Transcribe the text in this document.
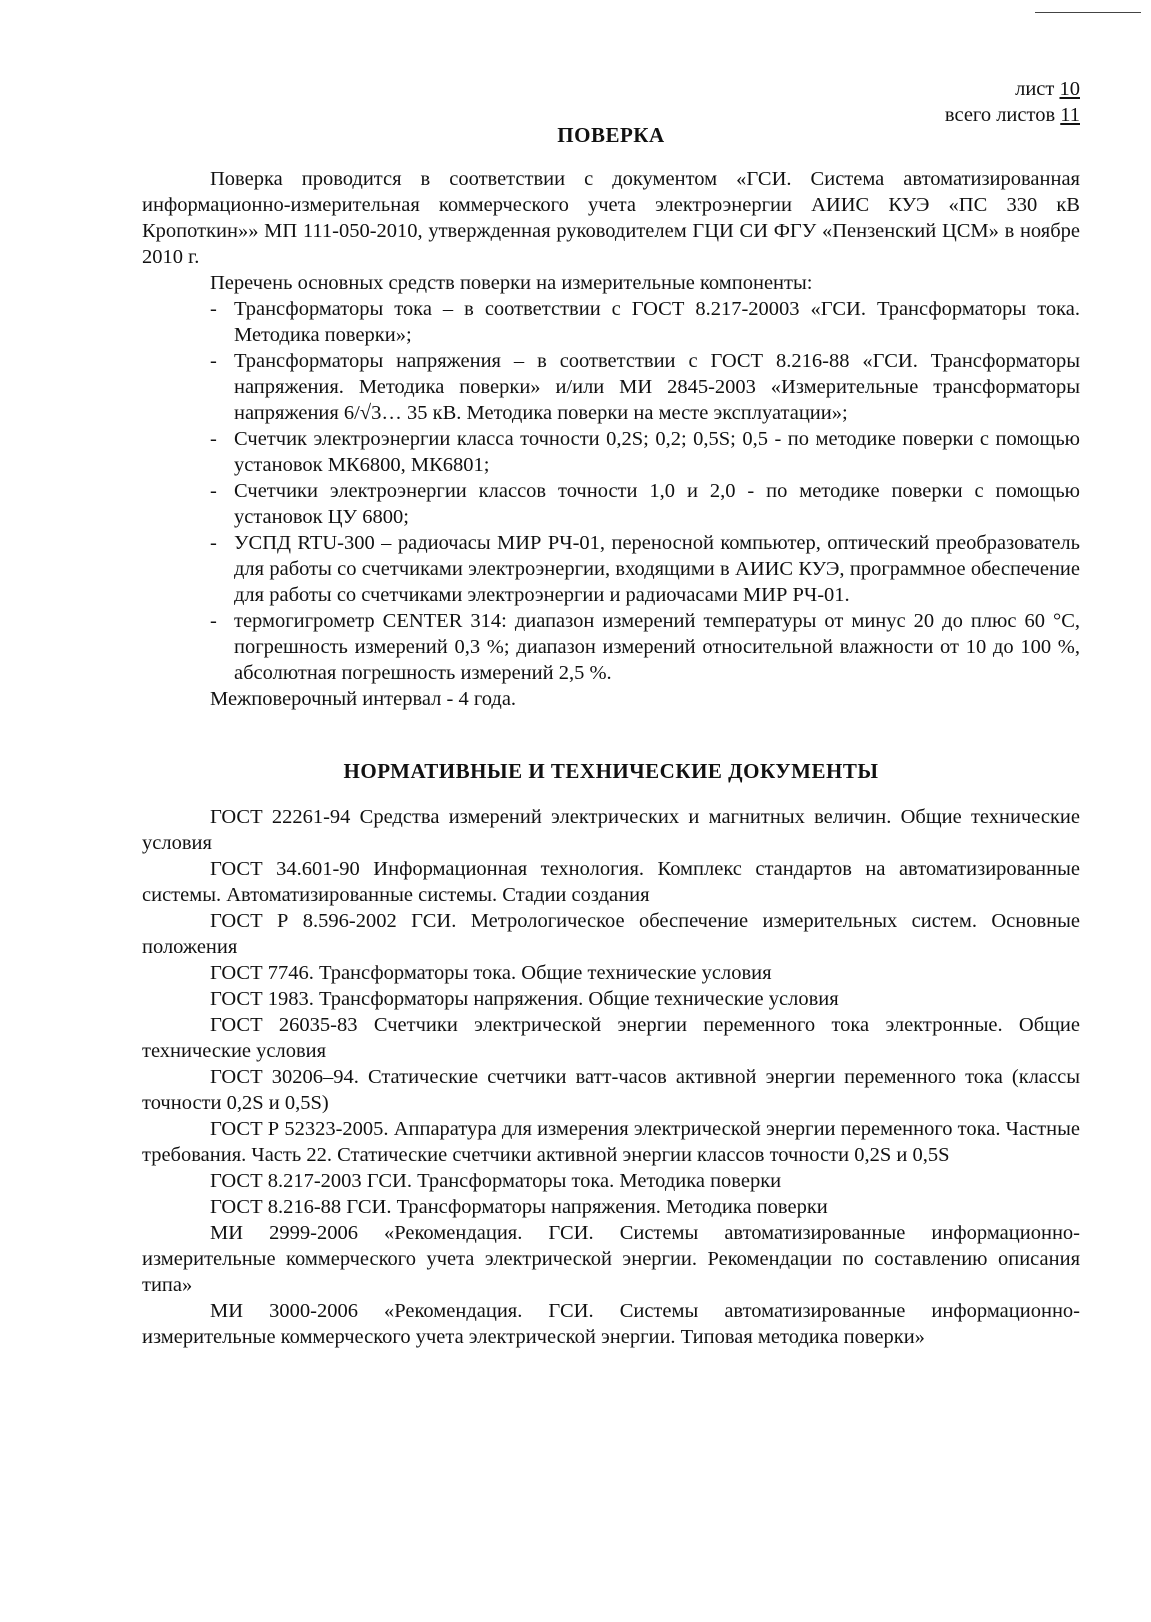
лист 10
всего листов 11
ПОВЕРКА

Поверка проводится в соответствии с документом «ГСИ. Система автоматизированная информационно-измерительная коммерческого учета электроэнергии АИИС КУЭ «ПС 330 кВ Кропоткин»» МП 111-050-2010, утвержденная руководителем ГЦИ СИ ФГУ «Пензенский ЦСМ» в ноябре 2010 г.

Перечень основных средств поверки на измерительные компоненты:

- Трансформаторы тока – в соответствии с ГОСТ 8.217-20003 «ГСИ. Трансформаторы тока. Методика поверки»;
- Трансформаторы напряжения – в соответствии с ГОСТ 8.216-88 «ГСИ. Трансформаторы напряжения. Методика поверки» и/или МИ 2845-2003 «Измерительные трансформаторы напряжения 6/√3… 35 кВ. Методика поверки на месте эксплуатации»;
- Счетчик электроэнергии класса точности 0,2S; 0,2; 0,5S; 0,5 - по методике поверки с помощью установок МК6800, МК6801;
- Счетчики электроэнергии классов точности 1,0 и 2,0 - по методике поверки с помощью установок ЦУ 6800;
- УСПД RTU-300 – радиочасы МИР РЧ-01, переносной компьютер, оптический преобразователь для работы со счетчиками электроэнергии, входящими в АИИС КУЭ, программное обеспечение для работы со счетчиками электроэнергии и радиочасами МИР РЧ-01.
- термогигрометр CENTER 314: диапазон измерений температуры от минус 20 до плюс 60 °С, погрешность измерений 0,3 %; диапазон измерений относительной влажности от 10 до 100 %, абсолютная погрешность измерений 2,5 %.

Межповерочный интервал - 4 года.

НОРМАТИВНЫЕ И ТЕХНИЧЕСКИЕ ДОКУМЕНТЫ

ГОСТ 22261-94 Средства измерений электрических и магнитных величин. Общие технические условия

ГОСТ 34.601-90 Информационная технология. Комплекс стандартов на автоматизированные системы. Автоматизированные системы. Стадии создания

ГОСТ Р 8.596-2002 ГСИ. Метрологическое обеспечение измерительных систем. Основные положения

ГОСТ 7746. Трансформаторы тока. Общие технические условия

ГОСТ 1983. Трансформаторы напряжения. Общие технические условия

ГОСТ 26035-83 Счетчики электрической энергии переменного тока электронные. Общие технические условия

ГОСТ 30206–94. Статические счетчики ватт-часов активной энергии переменного тока (классы точности 0,2S и 0,5S)

ГОСТ Р 52323-2005. Аппаратура для измерения электрической энергии переменного тока. Частные требования. Часть 22. Статические счетчики активной энергии классов точности 0,2S и 0,5S

ГОСТ 8.217-2003 ГСИ. Трансформаторы тока. Методика поверки

ГОСТ 8.216-88 ГСИ. Трансформаторы напряжения. Методика поверки

МИ 2999-2006 «Рекомендация. ГСИ. Системы автоматизированные информационно-измерительные коммерческого учета электрической энергии. Рекомендации по составлению описания типа»

МИ 3000-2006 «Рекомендация. ГСИ. Системы автоматизированные информационно-измерительные коммерческого учета электрической энергии. Типовая методика поверки»
